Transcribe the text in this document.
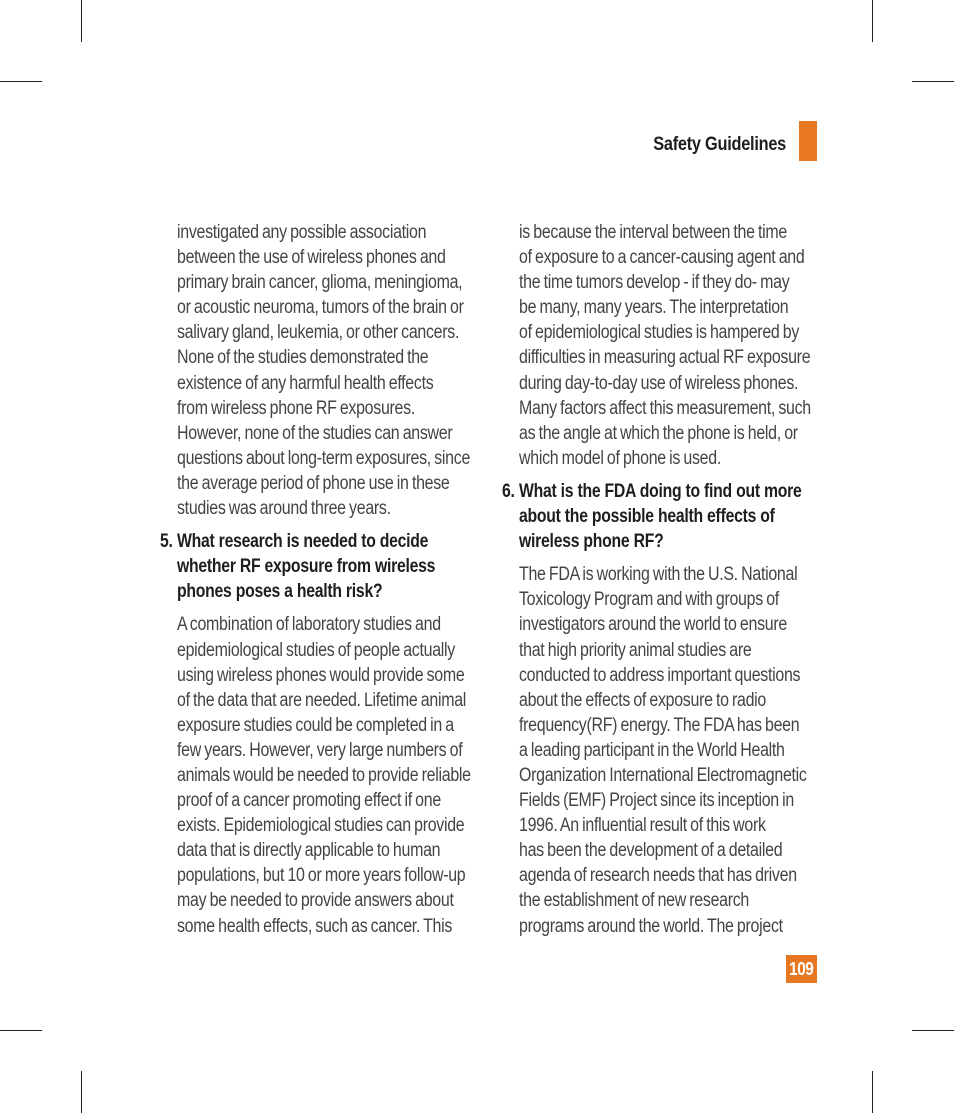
Safety Guidelines

investigated any possible association
between the use of wireless phones and
primary brain cancer, glioma, meningioma,
or acoustic neuroma, tumors of the brain or
salivary gland, leukemia, or other cancers.
None of the studies demonstrated the
existence of any harmful health effects
from wireless phone RF exposures.
However, none of the studies can answer
questions about long-term exposures, since
the average period of phone use in these
studies was around three years.

5. What research is needed to decide
whether RF exposure from wireless
phones poses a health risk?

A combination of laboratory studies and
epidemiological studies of people actually
using wireless phones would provide some
of the data that are needed. Lifetime animal
exposure studies could be completed in a
few years. However, very large numbers of
animals would be needed to provide reliable
proof of a cancer promoting effect if one
exists. Epidemiological studies can provide
data that is directly applicable to human
populations, but 10 or more years follow-up
may be needed to provide answers about
some health effects, such as cancer. This

is because the interval between the time
of exposure to a cancer-causing agent and
the time tumors develop - if they do- may
be many, many years. The interpretation
of epidemiological studies is hampered by
difficulties in measuring actual RF exposure
during day-to-day use of wireless phones.
Many factors affect this measurement, such
as the angle at which the phone is held, or
which model of phone is used.

6. What is the FDA doing to find out more
about the possible health effects of
wireless phone RF?

The FDA is working with the U.S. National
Toxicology Program and with groups of
investigators around the world to ensure
that high priority animal studies are
conducted to address important questions
about the effects of exposure to radio
frequency(RF) energy. The FDA has been
a leading participant in the World Health
Organization International Electromagnetic
Fields (EMF) Project since its inception in
1996. An influential result of this work
has been the development of a detailed
agenda of research needs that has driven
the establishment of new research
programs around the world. The project

109
